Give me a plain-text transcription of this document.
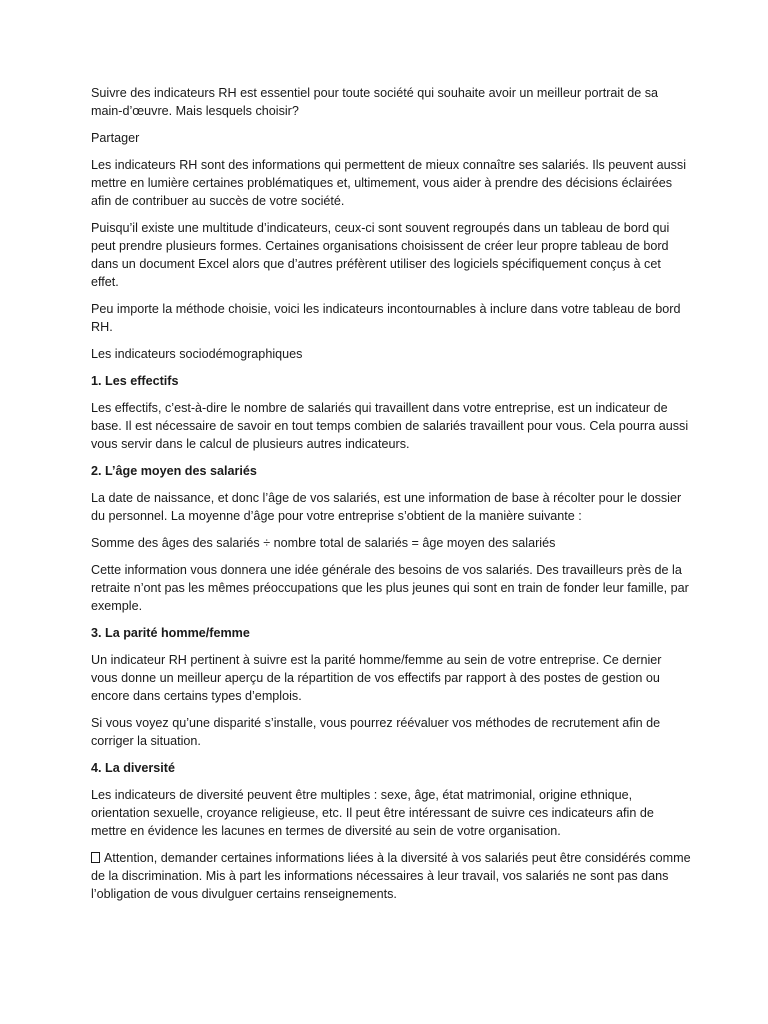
Suivre des indicateurs RH est essentiel pour toute société qui souhaite avoir un meilleur portrait de sa main-d’œuvre. Mais lesquels choisir?

Partager

Les indicateurs RH sont des informations qui permettent de mieux connaître ses salariés. Ils peuvent aussi mettre en lumière certaines problématiques et, ultimement, vous aider à prendre des décisions éclairées afin de contribuer au succès de votre société.

Puisqu’il existe une multitude d’indicateurs, ceux-ci sont souvent regroupés dans un tableau de bord qui peut prendre plusieurs formes. Certaines organisations choisissent de créer leur propre tableau de bord dans un document Excel alors que d’autres préfèrent utiliser des logiciels spécifiquement conçus à cet effet.

Peu importe la méthode choisie, voici les indicateurs incontournables à inclure dans votre tableau de bord RH.

Les indicateurs sociodémographiques

1. Les effectifs

Les effectifs, c’est-à-dire le nombre de salariés qui travaillent dans votre entreprise, est un indicateur de base. Il est nécessaire de savoir en tout temps combien de salariés travaillent pour vous. Cela pourra aussi vous servir dans le calcul de plusieurs autres indicateurs.

2. L’âge moyen des salariés

La date de naissance, et donc l’âge de vos salariés, est une information de base à récolter pour le dossier du personnel. La moyenne d’âge pour votre entreprise s’obtient de la manière suivante :

Somme des âges des salariés ÷ nombre total de salariés = âge moyen des salariés

Cette information vous donnera une idée générale des besoins de vos salariés. Des travailleurs près de la retraite n’ont pas les mêmes préoccupations que les plus jeunes qui sont en train de fonder leur famille, par exemple.

3. La parité homme/femme

Un indicateur RH pertinent à suivre est la parité homme/femme au sein de votre entreprise. Ce dernier vous donne un meilleur aperçu de la répartition de vos effectifs par rapport à des postes de gestion ou encore dans certains types d’emplois.

Si vous voyez qu’une disparité s’installe, vous pourrez réévaluer vos méthodes de recrutement afin de corriger la situation.

4. La diversité

Les indicateurs de diversité peuvent être multiples : sexe, âge, état matrimonial, origine ethnique, orientation sexuelle, croyance religieuse, etc. Il peut être intéressant de suivre ces indicateurs afin de mettre en évidence les lacunes en termes de diversité au sein de votre organisation.

Attention, demander certaines informations liées à la diversité à vos salariés peut être considérés comme de la discrimination. Mis à part les informations nécessaires à leur travail, vos salariés ne sont pas dans l’obligation de vous divulguer certains renseignements.
